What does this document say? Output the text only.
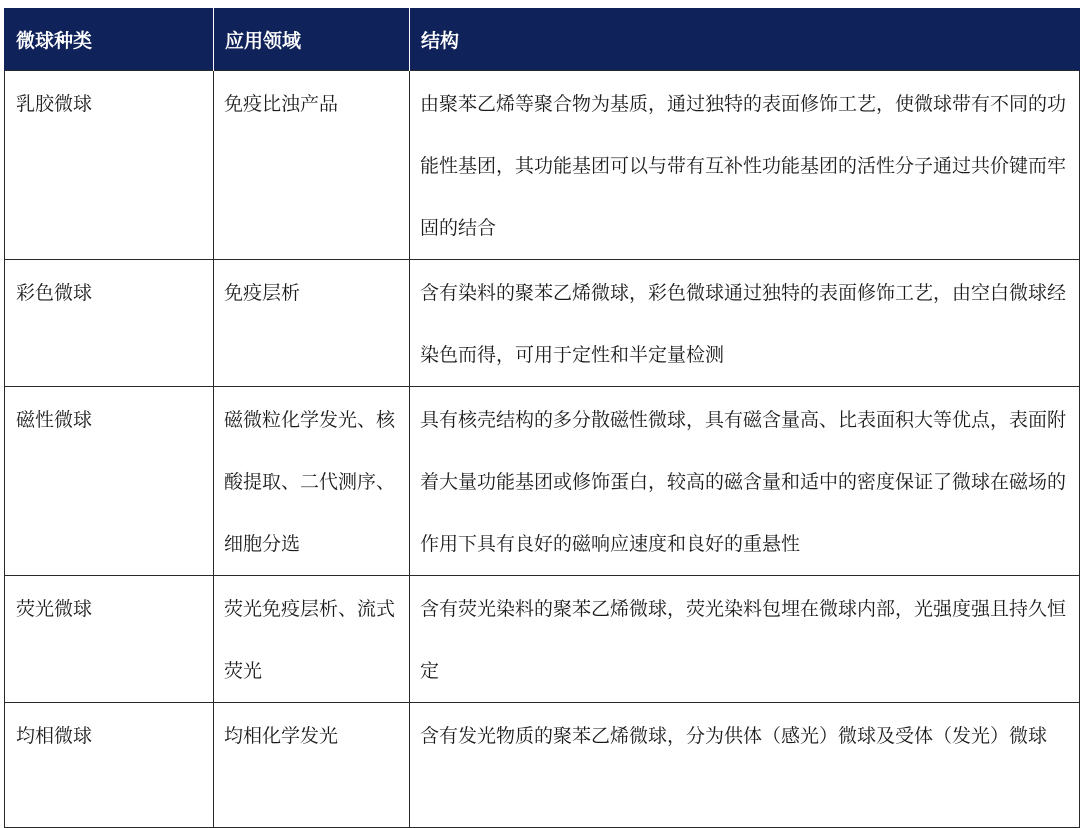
微球种类	应用领域	结构

乳胶微球	免疫比浊产品	由聚苯乙烯等聚合物为基质，通过独特的表面修饰工艺，使微球带有不同的功能性基团，其功能基团可以与带有互补性功能基团的活性分子通过共价键而牢固的结合

彩色微球	免疫层析	含有染料的聚苯乙烯微球，彩色微球通过独特的表面修饰工艺，由空白微球经染色而得，可用于定性和半定量检测

磁性微球	磁微粒化学发光、核酸提取、二代测序、细胞分选	具有核壳结构的多分散磁性微球，具有磁含量高、比表面积大等优点，表面附着大量功能基团或修饰蛋白，较高的磁含量和适中的密度保证了微球在磁场的作用下具有良好的磁响应速度和良好的重悬性

荧光微球	荧光免疫层析、流式荧光	含有荧光染料的聚苯乙烯微球，荧光染料包埋在微球内部，光强度强且持久恒定

均相微球	均相化学发光	含有发光物质的聚苯乙烯微球，分为供体（感光）微球及受体（发光）微球
